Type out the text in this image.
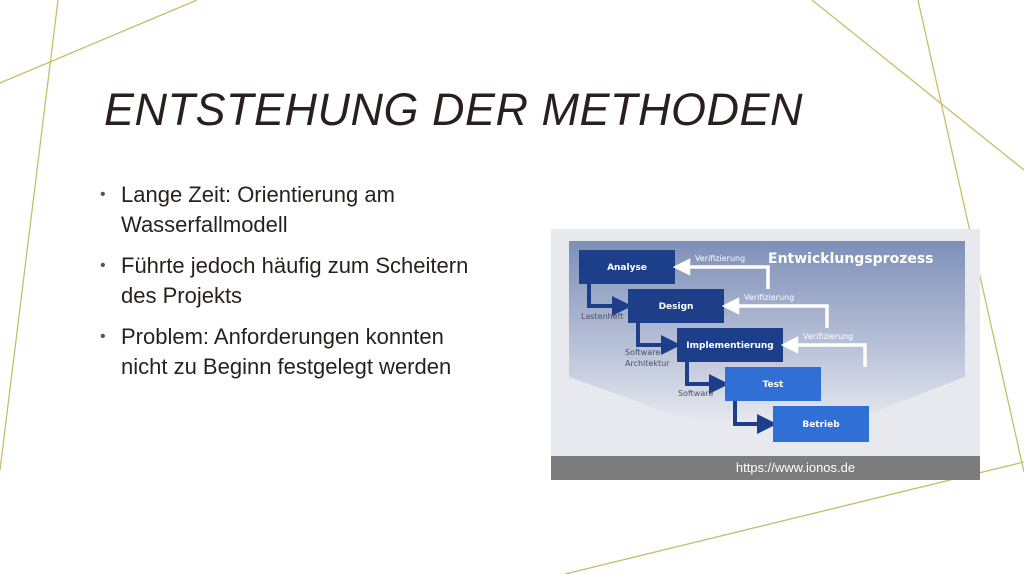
ENTSTEHUNG DER METHODEN
• Lange Zeit: Orientierung am Wasserfallmodell
• Führte jedoch häufig zum Scheitern des Projekts
• Problem: Anforderungen konnten nicht zu Beginn festgelegt werden
Entwicklungsprozess
Analyse
Design
Implementierung
Test
Betrieb
Lastenheft
Software-
Architektur
Software
Verifizierung
Verifizierung
Verifizierung
https://www.ionos.de
